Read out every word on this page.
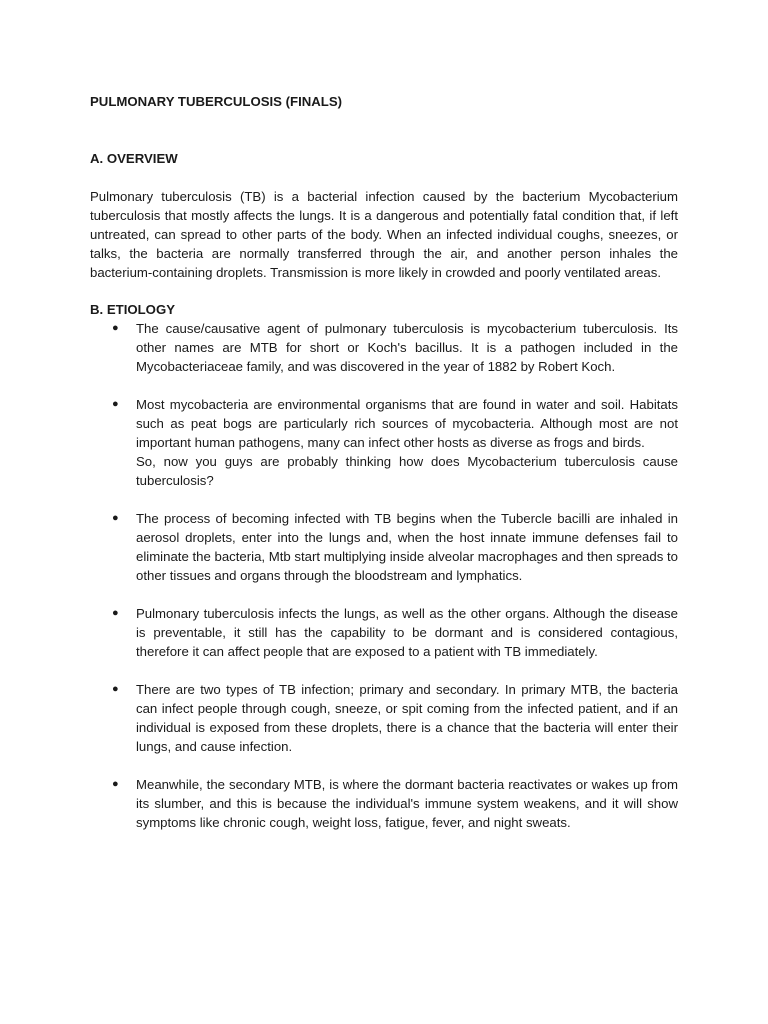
PULMONARY TUBERCULOSIS (FINALS)

A. OVERVIEW

Pulmonary tuberculosis (TB) is a bacterial infection caused by the bacterium Mycobacterium tuberculosis that mostly affects the lungs. It is a dangerous and potentially fatal condition that, if left untreated, can spread to other parts of the body. When an infected individual coughs, sneezes, or talks, the bacteria are normally transferred through the air, and another person inhales the bacterium-containing droplets. Transmission is more likely in crowded and poorly ventilated areas.

B. ETIOLOGY

● The cause/causative agent of pulmonary tuberculosis is mycobacterium tuberculosis. Its other names are MTB for short or Koch's bacillus. It is a pathogen included in the Mycobacteriaceae family, and was discovered in the year of 1882 by Robert Koch.
● Most mycobacteria are environmental organisms that are found in water and soil. Habitats such as peat bogs are particularly rich sources of mycobacteria. Although most are not important human pathogens, many can infect other hosts as diverse as frogs and birds.

So, now you guys are probably thinking how does Mycobacterium tuberculosis cause tuberculosis?

● The process of becoming infected with TB begins when the Tubercle bacilli are inhaled in aerosol droplets, enter into the lungs and, when the host innate immune defenses fail to eliminate the bacteria, Mtb start multiplying inside alveolar macrophages and then spreads to other tissues and organs through the bloodstream and lymphatics.
● Pulmonary tuberculosis infects the lungs, as well as the other organs. Although the disease is preventable, it still has the capability to be dormant and is considered contagious, therefore it can affect people that are exposed to a patient with TB immediately.
● There are two types of TB infection; primary and secondary. In primary MTB, the bacteria can infect people through cough, sneeze, or spit coming from the infected patient, and if an individual is exposed from these droplets, there is a chance that the bacteria will enter their lungs, and cause infection.
● Meanwhile, the secondary MTB, is where the dormant bacteria reactivates or wakes up from its slumber, and this is because the individual's immune system weakens, and it will show symptoms like chronic cough, weight loss, fatigue, fever, and night sweats.
